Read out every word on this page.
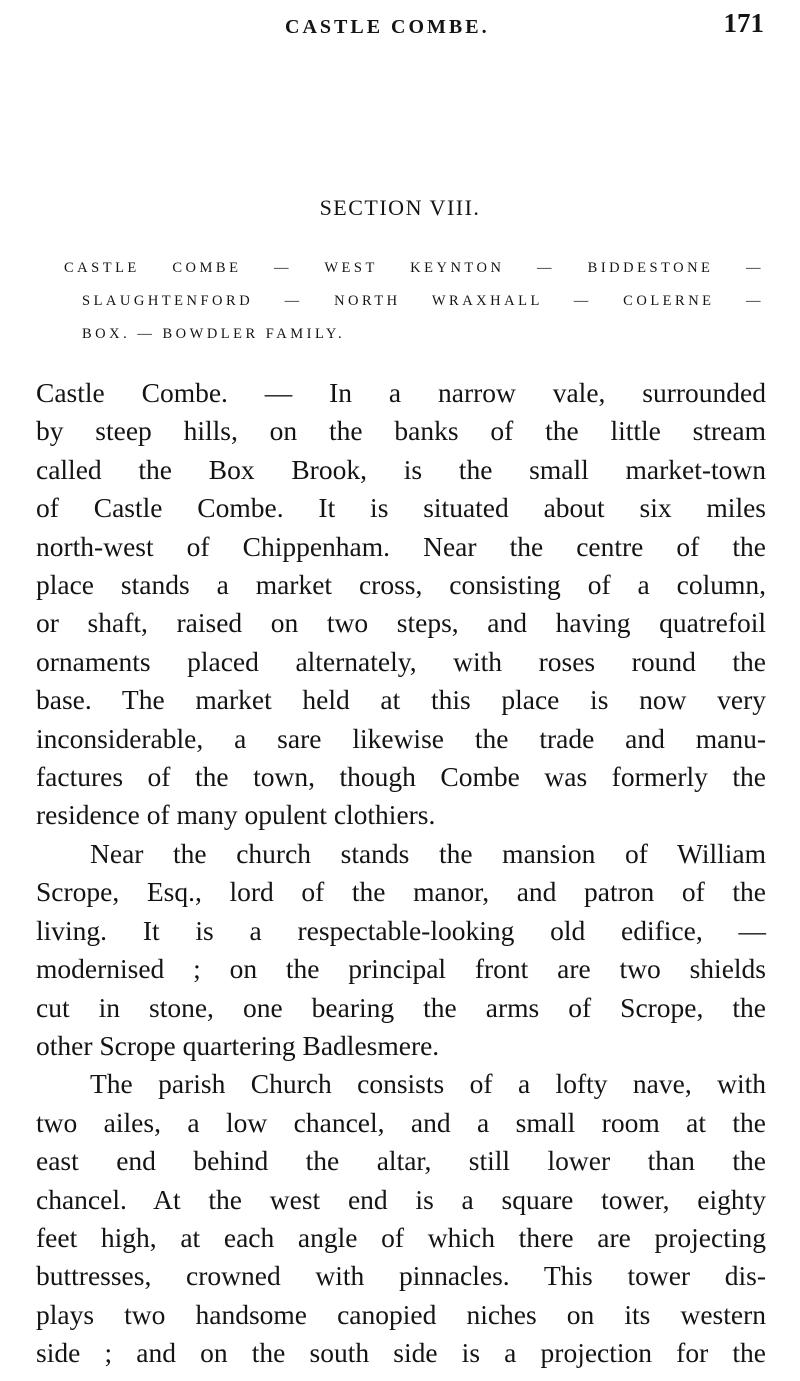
CASTLE COMBE.	171
SECTION VIII.
CASTLE COMBE — WEST KEYNTON — BIDDESTONE —
SLAUGHTENFORD — NORTH WRAXHALL — COLERNE —
BOX. — BOWDLER FAMILY.

Castle Combe. — In a narrow vale, surrounded
by steep hills, on the banks of the little stream
called the Box Brook, is the small market-town
of Castle Combe. It is situated about six miles
north-west of Chippenham. Near the centre of the
place stands a market cross, consisting of a column,
or shaft, raised on two steps, and having quatrefoil
ornaments placed alternately, with roses round the
base. The market held at this place is now very
inconsiderable, a sare likewise the trade and manu-
factures of the town, though Combe was formerly the
residence of many opulent clothiers.

Near the church stands the mansion of William
Scrope, Esq., lord of the manor, and patron of the
living. It is a respectable-looking old edifice, —
modernised ; on the principal front are two shields
cut in stone, one bearing the arms of Scrope, the
other Scrope quartering Badlesmere.

The parish Church consists of a lofty nave, with
two ailes, a low chancel, and a small room at the
east end behind the altar, still lower than the
chancel. At the west end is a square tower, eighty
feet high, at each angle of which there are projecting
buttresses, crowned with pinnacles. This tower dis-
plays two handsome canopied niches on its western
side ; and on the south side is a projection for the
